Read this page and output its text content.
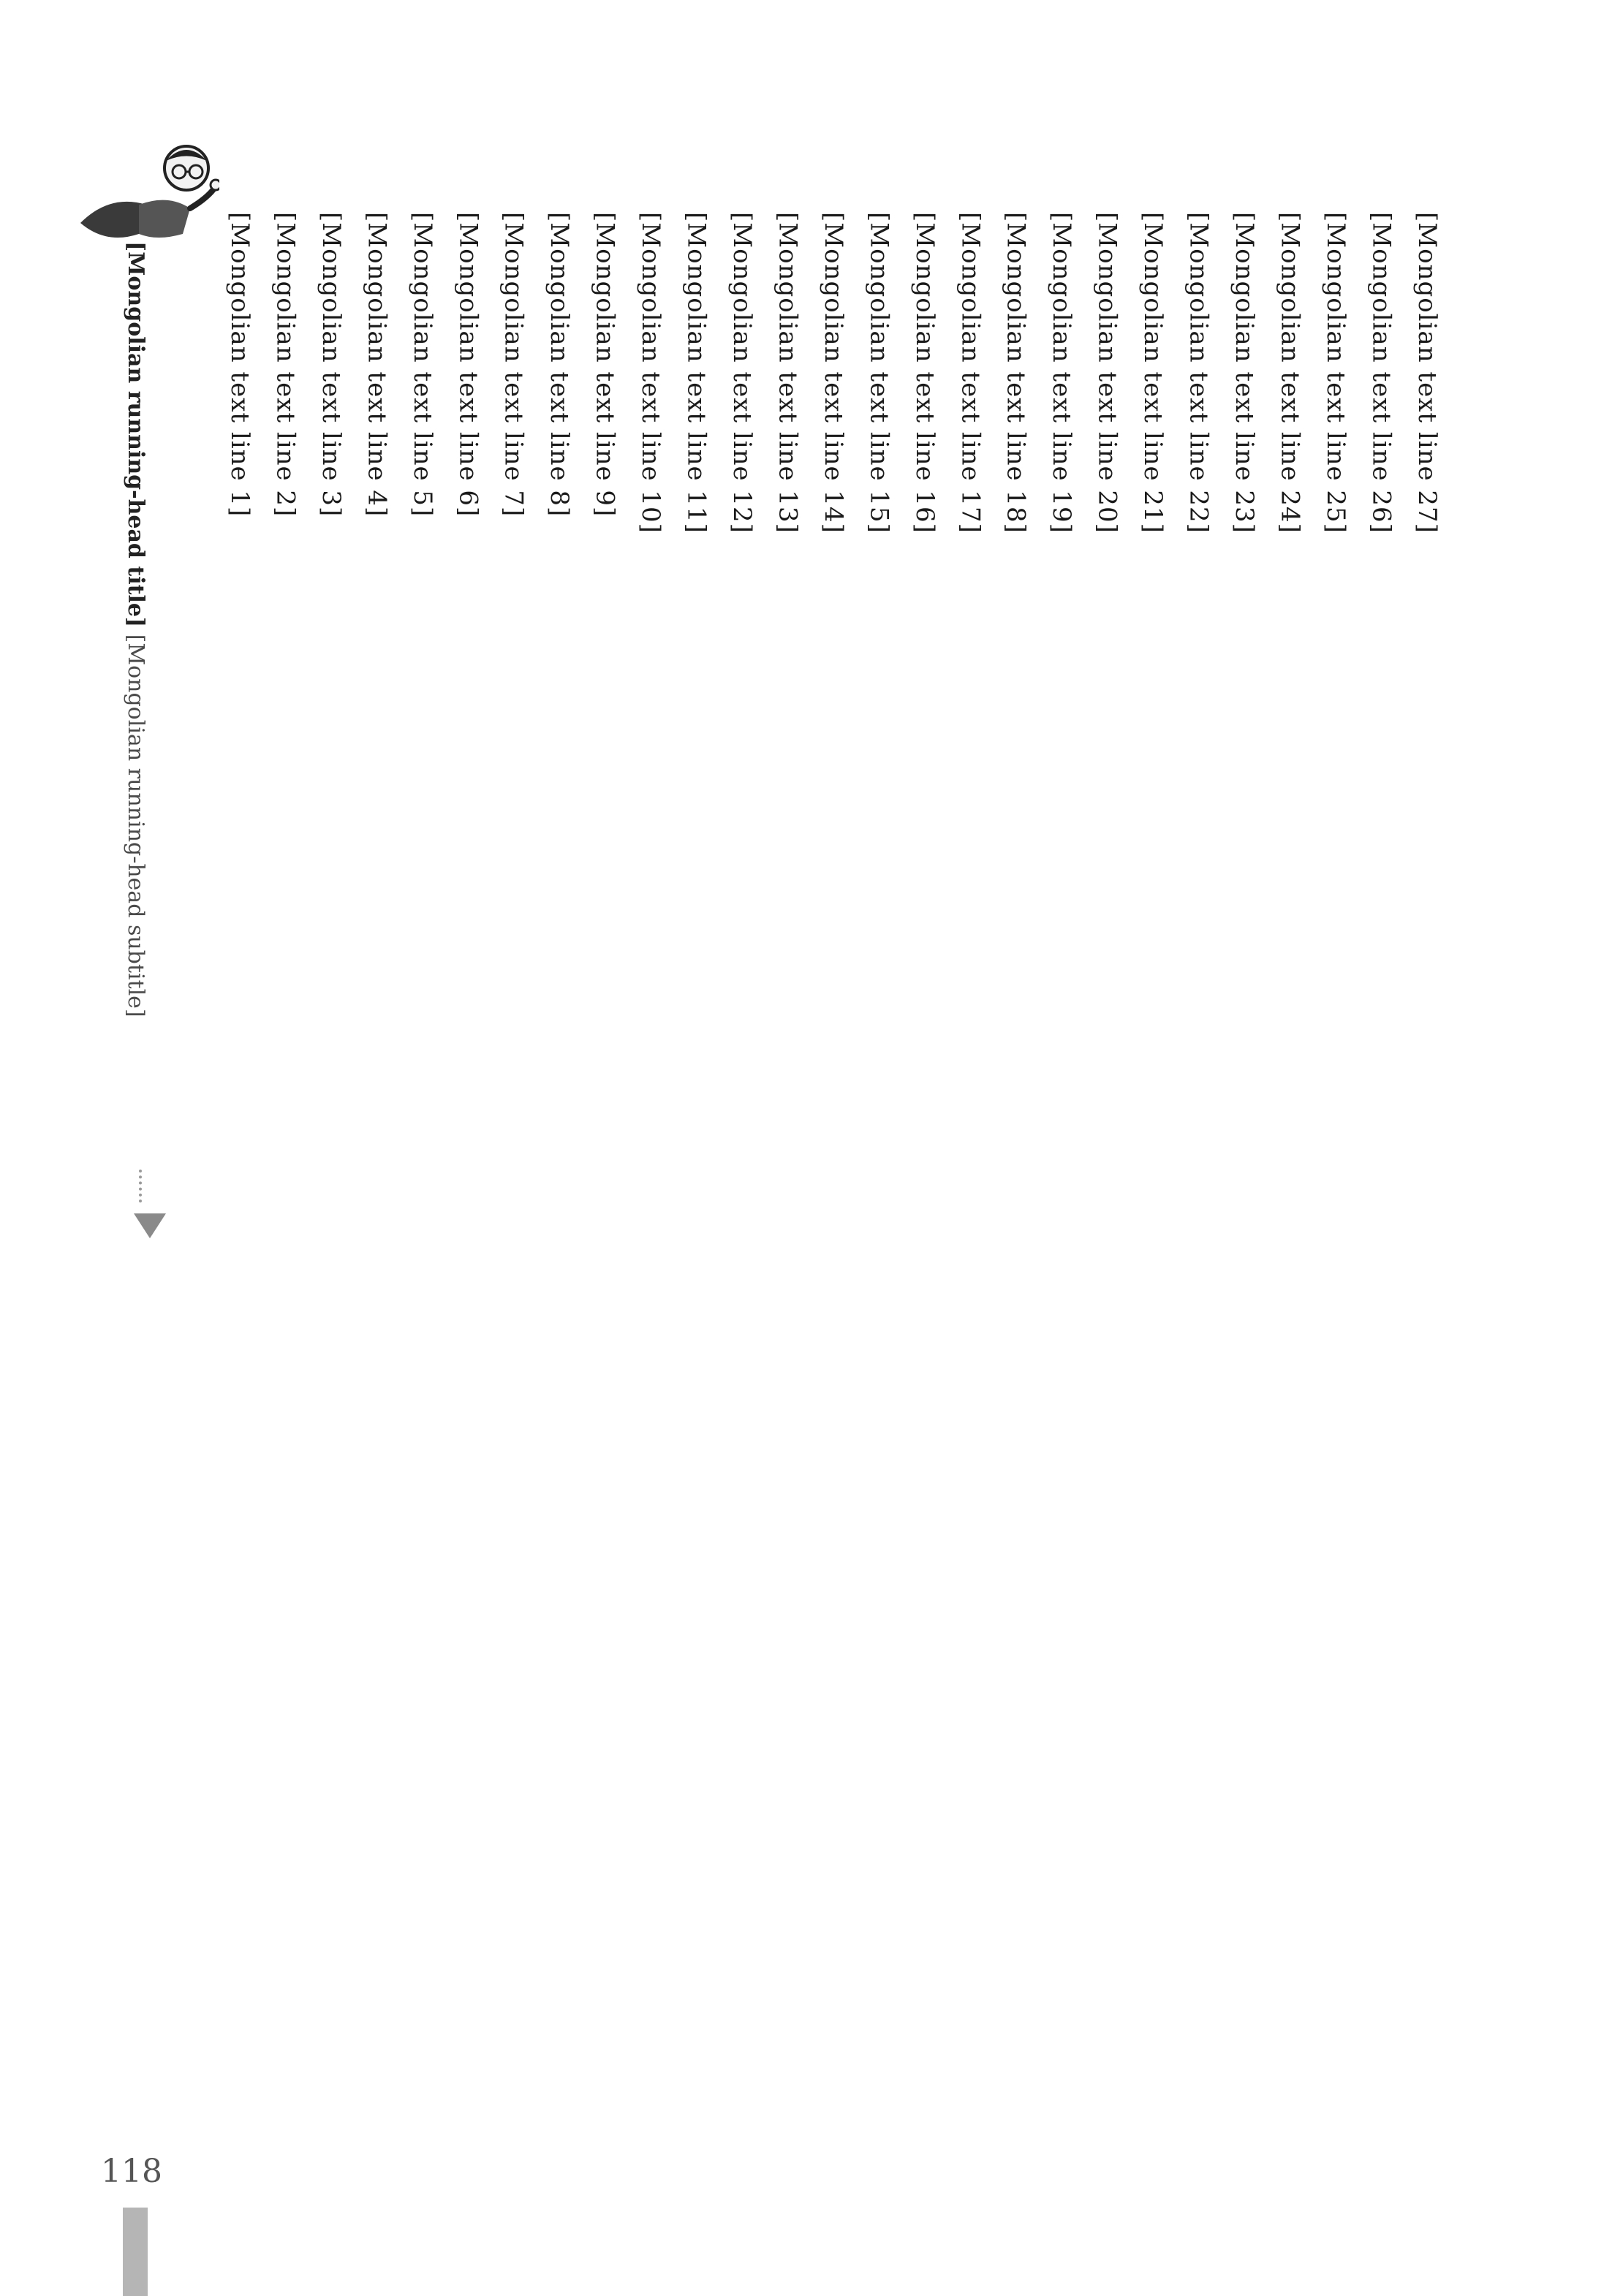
[Mongolian running-head title] [Mongolian running-head subtitle]
[Mongolian text line 1] [Mongolian text line 2] [Mongolian text line 3] [Mongolian text line 4] [Mongolian text line 5] [Mongolian text line 6] [Mongolian text line 7] [Mongolian text line 8] [Mongolian text line 9] [Mongolian text line 10] [Mongolian text line 11] [Mongolian text line 12] [Mongolian text line 13] [Mongolian text line 14] [Mongolian text line 15] [Mongolian text line 16] [Mongolian text line 17] [Mongolian text line 18] [Mongolian text line 19] [Mongolian text line 20] [Mongolian text line 21] [Mongolian text line 22] [Mongolian text line 23] [Mongolian text line 24] [Mongolian text line 25] [Mongolian text line 26] [Mongolian text line 27]
118
